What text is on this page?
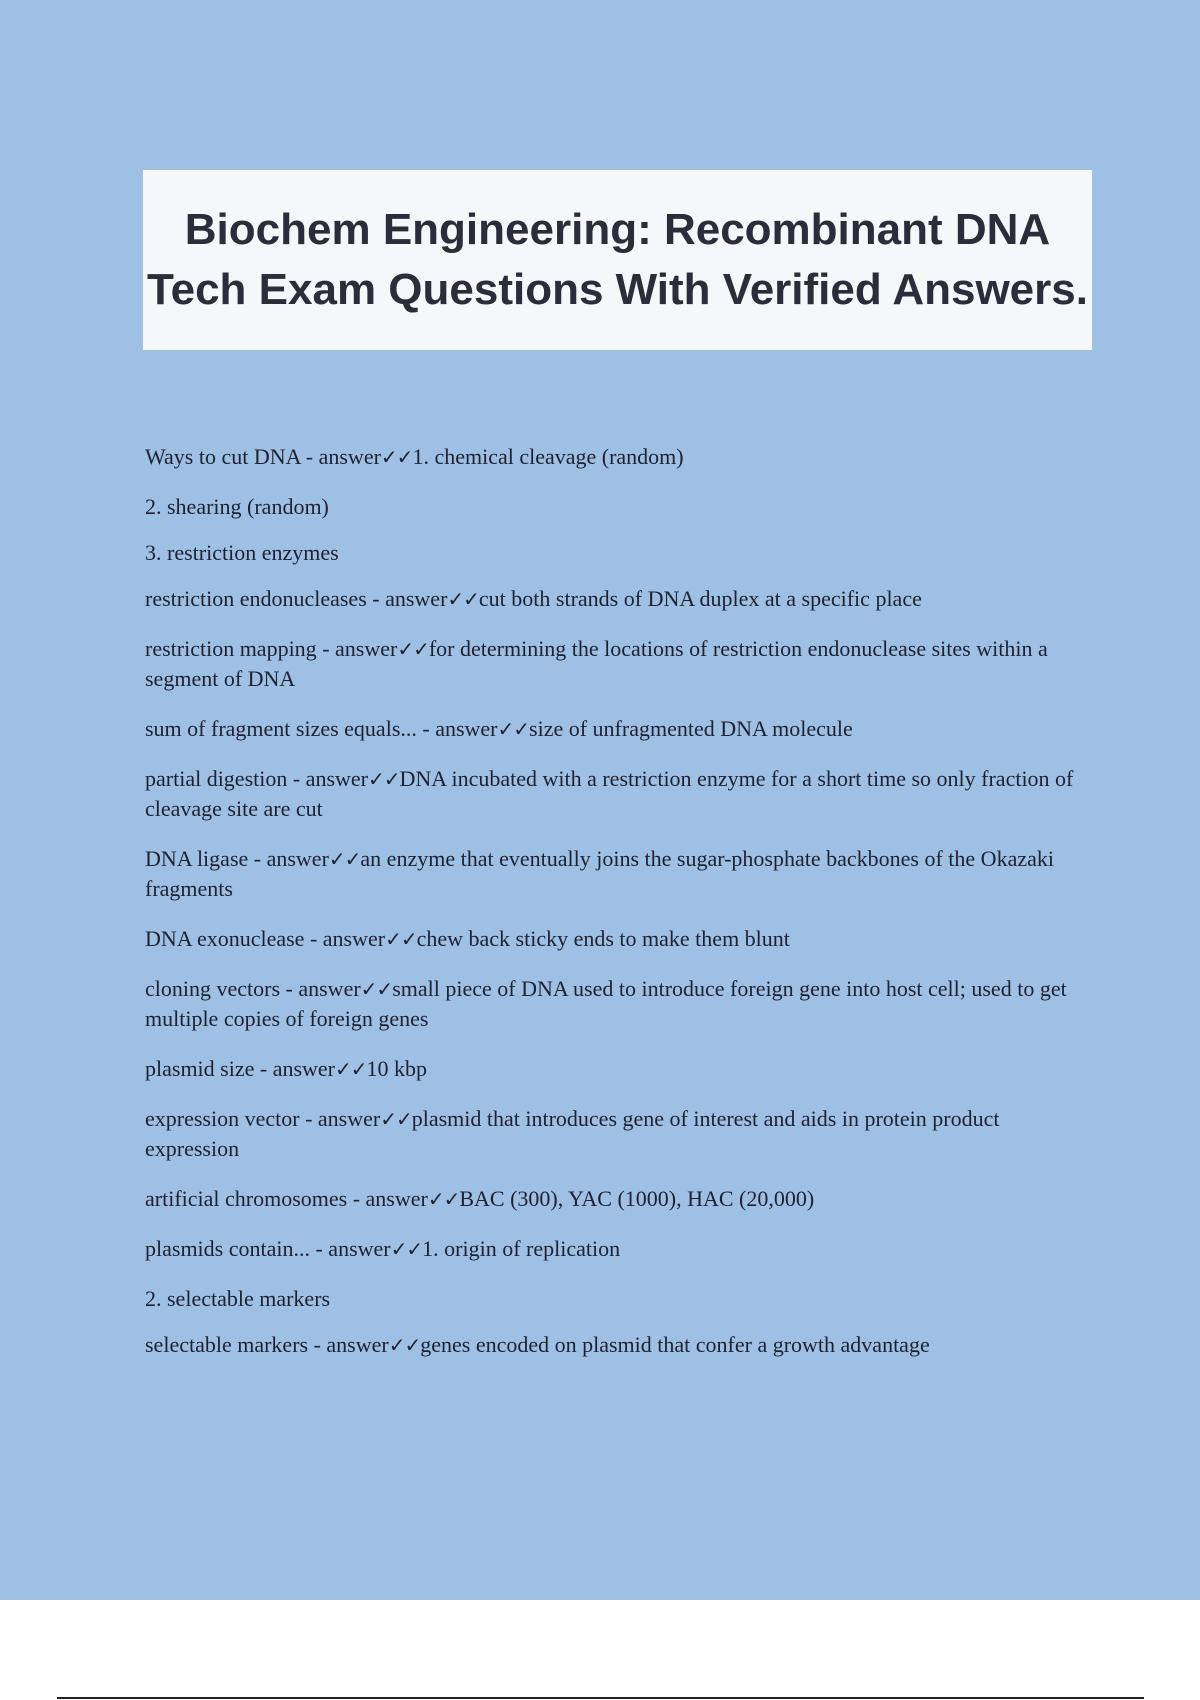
Biochem Engineering: Recombinant DNA Tech Exam Questions With Verified Answers.

Ways to cut DNA - answer✓✓1. chemical cleavage (random)

2. shearing (random)

3. restriction enzymes

restriction endonucleases - answer✓✓cut both strands of DNA duplex at a specific place

restriction mapping - answer✓✓for determining the locations of restriction endonuclease sites within a segment of DNA

sum of fragment sizes equals... - answer✓✓size of unfragmented DNA molecule

partial digestion - answer✓✓DNA incubated with a restriction enzyme for a short time so only fraction of cleavage site are cut

DNA ligase - answer✓✓an enzyme that eventually joins the sugar-phosphate backbones of the Okazaki fragments

DNA exonuclease - answer✓✓chew back sticky ends to make them blunt

cloning vectors - answer✓✓small piece of DNA used to introduce foreign gene into host cell; used to get multiple copies of foreign genes

plasmid size - answer✓✓10 kbp

expression vector - answer✓✓plasmid that introduces gene of interest and aids in protein product expression

artificial chromosomes - answer✓✓BAC (300), YAC (1000), HAC (20,000)

plasmids contain... - answer✓✓1. origin of replication

2. selectable markers

selectable markers - answer✓✓genes encoded on plasmid that confer a growth advantage
